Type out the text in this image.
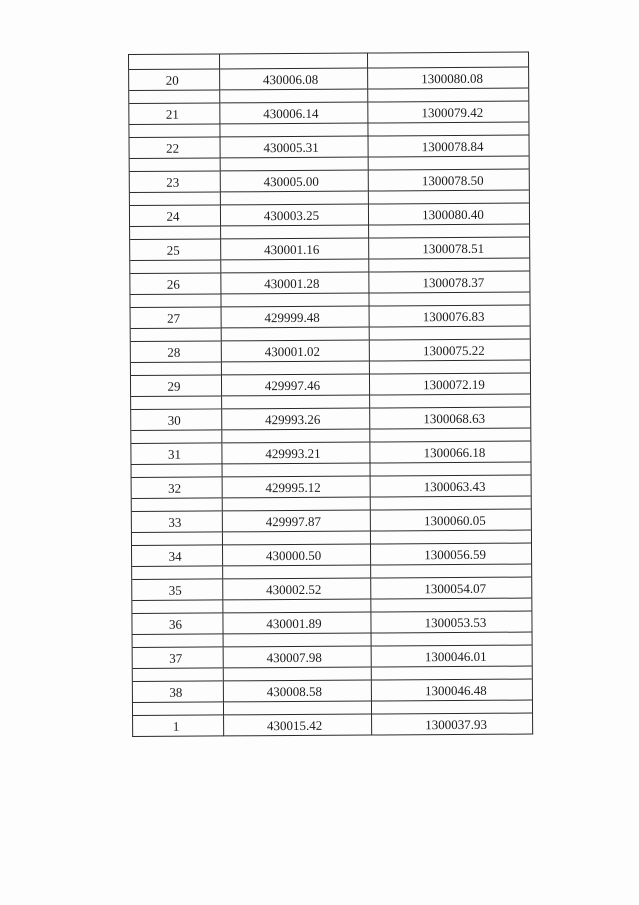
20	430006.08	1300080.08

21	430006.14	1300079.42

22	430005.31	1300078.84

23	430005.00	1300078.50

24	430003.25	1300080.40

25	430001.16	1300078.51

26	430001.28	1300078.37

27	429999.48	1300076.83

28	430001.02	1300075.22

29	429997.46	1300072.19

30	429993.26	1300068.63

31	429993.21	1300066.18

32	429995.12	1300063.43

33	429997.87	1300060.05

34	430000.50	1300056.59

35	430002.52	1300054.07

36	430001.89	1300053.53

37	430007.98	1300046.01

38	430008.58	1300046.48

1	430015.42	1300037.93
